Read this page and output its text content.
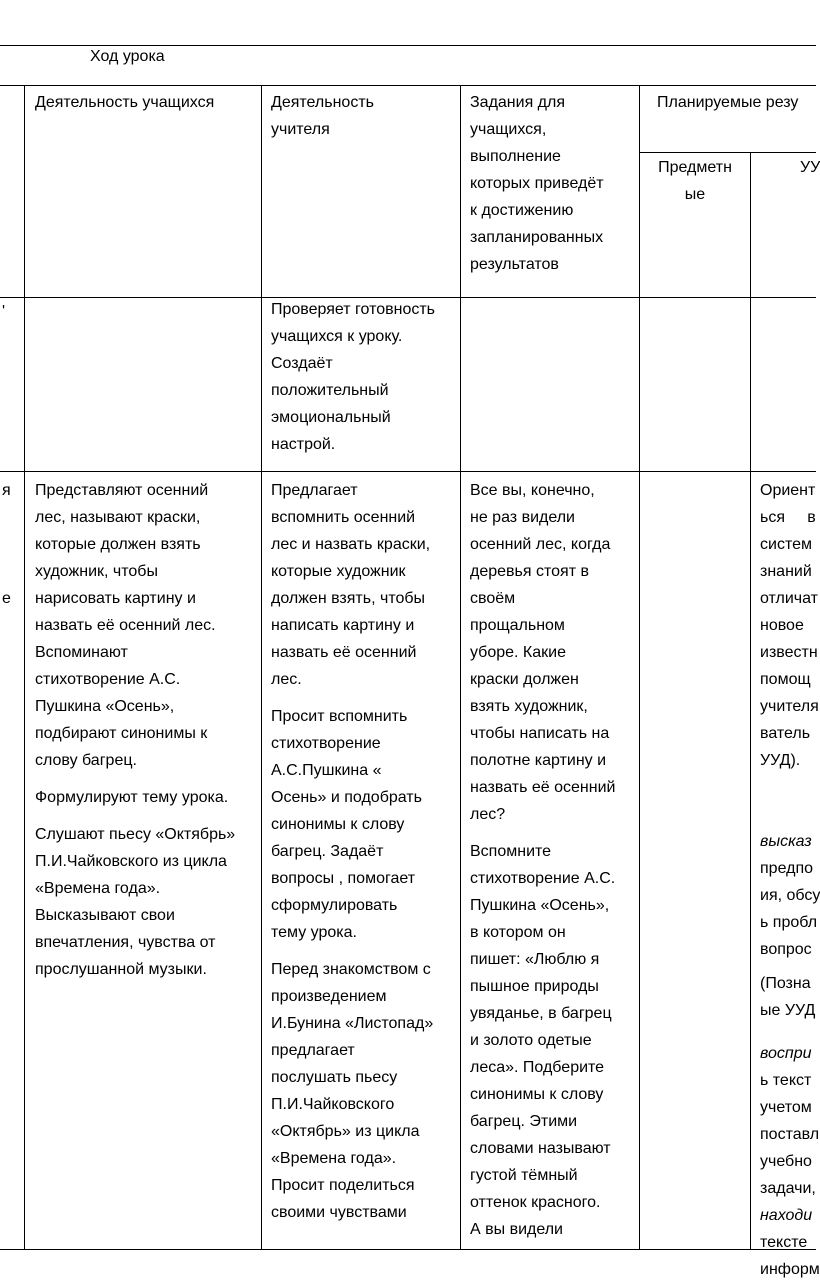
Ход урока
Деятельность учащихся	Деятельность
учителя
Задания для
учащихся,
выполнение
которых приведёт
к достижению
запланированных
результатов
Планируемые резу
Предметн
ые
УУ
'	Проверяет готовность
учащихся к уроку.
Создаёт
положительный
эмоциональный
настрой.
я

е

Представляют осенний
лес, называют краски,
которые должен взять
художник, чтобы
нарисовать картину и
назвать её осенний лес.
Вспоминают
стихотворение А.С.
Пушкина «Осень»,
подбирают синонимы к
слову багрец.

Формулируют тему урока.

Слушают пьесу «Октябрь»
П.И.Чайковского из цикла
«Времена года».
Высказывают свои
впечатления, чувства от
прослушанной музыки.

Предлагает
вспомнить осенний
лес и назвать краски,
которые художник
должен взять, чтобы
написать картину и
назвать её осенний
лес.

Просит вспомнить
стихотворение
А.С.Пушкина «
Осень» и подобрать
синонимы к слову
багрец. Задаёт
вопросы , помогает
сформулировать
тему урока.

Перед знакомством с
произведением
И.Бунина «Листопад»
предлагает
послушать пьесу
П.И.Чайковского
«Октябрь» из цикла
«Времена года».
Просит поделиться
своими чувствами

Все вы, конечно,
не раз видели
осенний лес, когда
деревья стоят в
своём
прощальном
уборе. Какие
краски должен
взять художник,
чтобы написать на
полотне картину и
назвать её осенний
лес?

Вспомните
стихотворение А.С.
Пушкина «Осень»,
в котором он
пишет: «Люблю я
пышное природы
увяданье, в багрец
и золото одетые
леса». Подберите
синонимы к слову
багрец. Этими
словами называют
густой тёмный
оттенок красного.
А вы видели

Ориент
ься     в
систем
знаний
отличат
новое
известн
помощ
учителя
ватель
УУД).
высказ
предпо
ия, обсу
ь пробл
вопрос
(Позна
ые УУД
воспри
ь текст
учетом
поставл
учебно
задачи,
находи
тексте
информ
